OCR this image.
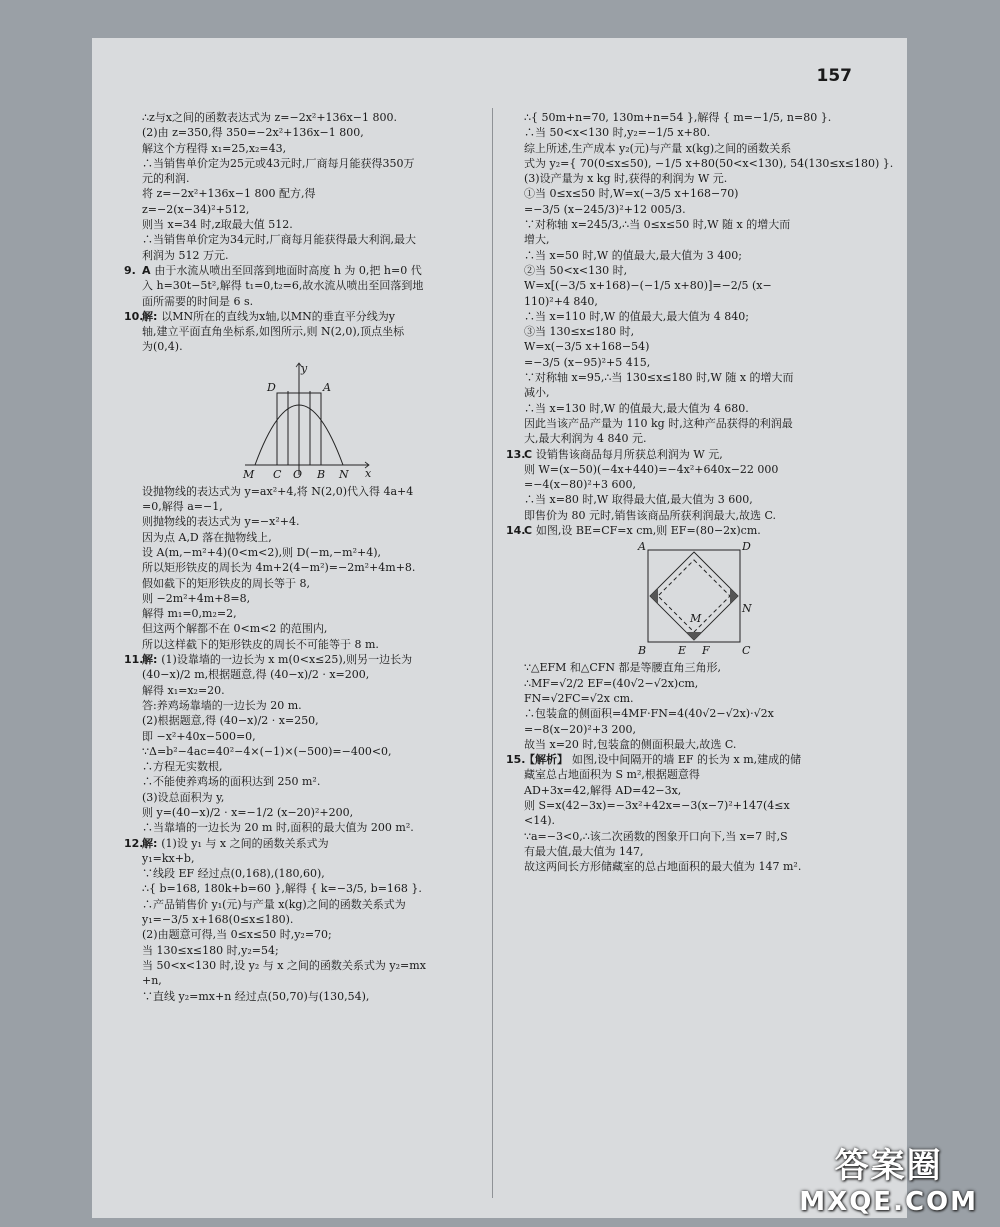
157
∴z与x之间的函数表达式为 z=−2x²+136x−1 800.
(2)由 z=350,得 350=−2x²+136x−1 800,
解这个方程得 x₁=25,x₂=43,
∴当销售单价定为25元或43元时,厂商每月能获得350万
元的利润.
将 z=−2x²+136x−1 800 配方,得
z=−2(x−34)²+512,
则当 x=34 时,z取最大值 512.
∴当销售单价定为34元时,厂商每月能获得最大利润,最大
利润为 512 万元.
9. A 由于水流从喷出至回落到地面时高度 h 为 0,把 h=0 代
入 h=30t−5t²,解得 t₁=0,t₂=6,故水流从喷出至回落到地
面所需要的时间是 6 s.
10.解: 以MN所在的直线为x轴,以MN的垂直平分线为y
轴,建立平面直角坐标系,如图所示,则 N(2,0),顶点坐标
为(0,4).
y
x
D	A
M C O B N
设抛物线的表达式为 y=ax²+4,将 N(2,0)代入得 4a+4
=0,解得 a=−1,
则抛物线的表达式为 y=−x²+4.
因为点 A,D 落在抛物线上,
设 A(m,−m²+4)(0<m<2),则 D(−m,−m²+4),
所以矩形铁皮的周长为 4m+2(4−m²)=−2m²+4m+8.
假如截下的矩形铁皮的周长等于 8,
则 −2m²+4m+8=8,
解得 m₁=0,m₂=2,
但这两个解都不在 0<m<2 的范围内,
所以这样截下的矩形铁皮的周长不可能等于 8 m.
11.解: (1)设靠墙的一边长为 x m(0<x≤25),则另一边长为
(40−x)/2 m,根据题意,得 (40−x)/2 · x=200,
解得 x₁=x₂=20.
答:养鸡场靠墙的一边长为 20 m.
(2)根据题意,得 (40−x)/2 · x=250,
即 −x²+40x−500=0,
∵Δ=b²−4ac=40²−4×(−1)×(−500)=−400<0,
∴方程无实数根,
∴不能使养鸡场的面积达到 250 m².
(3)设总面积为 y,
则 y=(40−x)/2 · x=−1/2 (x−20)²+200,
∴当靠墙的一边长为 20 m 时,面积的最大值为 200 m².
12.解: (1)设 y₁ 与 x 之间的函数关系式为
y₁=kx+b,
∵线段 EF 经过点(0,168),(180,60),
∴{ b=168, 180k+b=60 },解得 { k=−3/5, b=168 }.
∴产品销售价 y₁(元)与产量 x(kg)之间的函数关系式为
y₁=−3/5 x+168(0≤x≤180).
(2)由题意可得,当 0≤x≤50 时,y₂=70;
当 130≤x≤180 时,y₂=54;
当 50<x<130 时,设 y₂ 与 x 之间的函数关系式为 y₂=mx
+n,
∵直线 y₂=mx+n 经过点(50,70)与(130,54),
∴{ 50m+n=70, 130m+n=54 },解得 { m=−1/5, n=80 }.
∴当 50<x<130 时,y₂=−1/5 x+80.
综上所述,生产成本 y₂(元)与产量 x(kg)之间的函数关系
式为 y₂={ 70(0≤x≤50), −1/5 x+80(50<x<130), 54(130≤x≤180) }.
(3)设产量为 x kg 时,获得的利润为 W 元.
①当 0≤x≤50 时,W=x(−3/5 x+168−70)
=−3/5 (x−245/3)²+12 005/3.
∵对称轴 x=245/3,∴当 0≤x≤50 时,W 随 x 的增大而
增大,
∴当 x=50 时,W 的值最大,最大值为 3 400;
②当 50<x<130 时,
W=x[(−3/5 x+168)−(−1/5 x+80)]=−2/5 (x−
110)²+4 840,
∴当 x=110 时,W 的值最大,最大值为 4 840;
③当 130≤x≤180 时,
W=x(−3/5 x+168−54)
=−3/5 (x−95)²+5 415,
∵对称轴 x=95,∴当 130≤x≤180 时,W 随 x 的增大而
减小,
∴当 x=130 时,W 的值最大,最大值为 4 680.
因此当该产品产量为 110 kg 时,这种产品获得的利润最
大,最大利润为 4 840 元.
13.C 设销售该商品每月所获总利润为 W 元,
则 W=(x−50)(−4x+440)=−4x²+640x−22 000
=−4(x−80)²+3 600,
∴当 x=80 时,W 取得最大值,最大值为 3 600,
即售价为 80 元时,销售该商品所获利润最大,故选 C.
14.C 如图,设 BE=CF=x cm,则 EF=(80−2x)cm.
A	D
B	E F	C
M
N
∵△EFM 和△CFN 都是等腰直角三角形,
∴MF=√2/2 EF=(40√2−√2x)cm,
FN=√2FC=√2x cm.
∴包装盒的侧面积=4MF·FN=4(40√2−√2x)·√2x
=−8(x−20)²+3 200,
故当 x=20 时,包装盒的侧面积最大,故选 C.
15.【解析】 如图,设中间隔开的墙 EF 的长为 x m,建成的储
藏室总占地面积为 S m²,根据题意得
AD+3x=42,解得 AD=42−3x,
则 S=x(42−3x)=−3x²+42x=−3(x−7)²+147(4≤x
<14).
∵a=−3<0,∴该二次函数的图象开口向下,当 x=7 时,S
有最大值,最大值为 147,
故这两间长方形储藏室的总占地面积的最大值为 147 m².
答案圈
MXQE.COM
